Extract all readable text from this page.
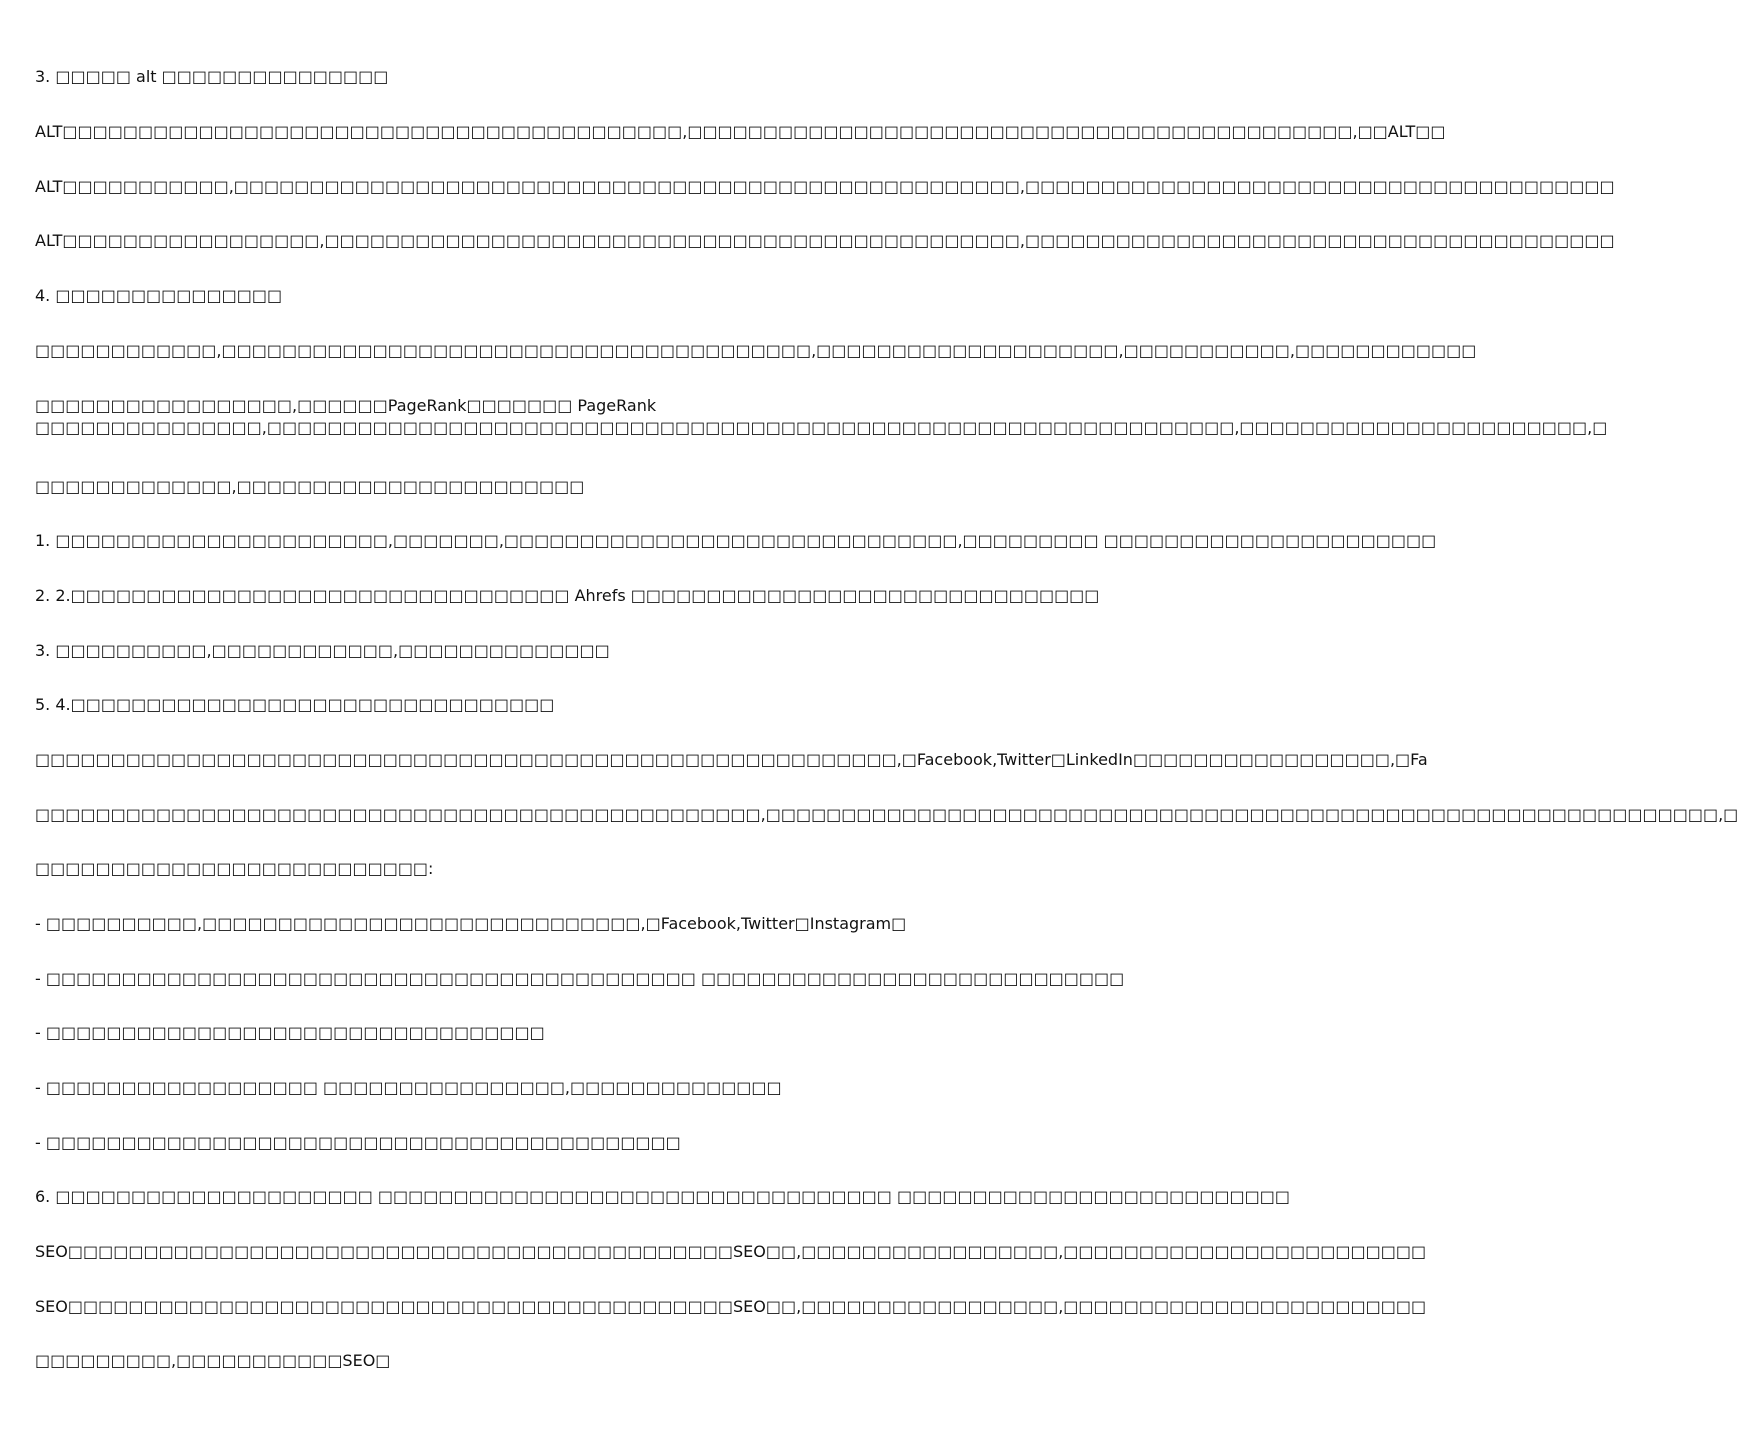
3. □□□□□ alt □□□□□□□□□□□□□□□
ALT□□□□□□□□□□□□□□□□□□□□□□□□□□□□□□□□□□□□□□□□□,□□□□□□□□□□□□□□□□□□□□□□□□□□□□□□□□□□□□□□□□□□□□,□□ALT□□
ALT□□□□□□□□□□□,□□□□□□□□□□□□□□□□□□□□□□□□□□□□□□□□□□□□□□□□□□□□□□□□□□□□,□□□□□□□□□□□□□□□□□□□□□□□□□□□□□□□□□□□□□□□
ALT□□□□□□□□□□□□□□□□□,□□□□□□□□□□□□□□□□□□□□□□□□□□□□□□□□□□□□□□□□□□□□□□,□□□□□□□□□□□□□□□□□□□□□□□□□□□□□□□□□□□□□□□
4. □□□□□□□□□□□□□□□
□□□□□□□□□□□□,□□□□□□□□□□□□□□□□□□□□□□□□□□□□□□□□□□□□□□□,□□□□□□□□□□□□□□□□□□□□,□□□□□□□□□□□,□□□□□□□□□□□□
□□□□□□□□□□□□□□□□□,□□□□□□PageRank□□□□□□□ PageRank □□□□□□□□□□□□□□□,□□□□□□□□□□□□□□□□□□□□□□□□□□□□□□□□□□□□□□□□□□□□□□□□□□□□□□□□□□□□□□□□,□□□□□□□□□□□□□□□□□□□□□□□,□
□□□□□□□□□□□□□,□□□□□□□□□□□□□□□□□□□□□□□
1. □□□□□□□□□□□□□□□□□□□□□□,□□□□□□□,□□□□□□□□□□□□□□□□□□□□□□□□□□□□□□,□□□□□□□□□ □□□□□□□□□□□□□□□□□□□□□□
2. 2.□□□□□□□□□□□□□□□□□□□□□□□□□□□□□□□□□ Ahrefs □□□□□□□□□□□□□□□□□□□□□□□□□□□□□□□
3. □□□□□□□□□□,□□□□□□□□□□□□,□□□□□□□□□□□□□□
5. 4.□□□□□□□□□□□□□□□□□□□□□□□□□□□□□□□□
□□□□□□□□□□□□□□□□□□□□□□□□□□□□□□□□□□□□□□□□□□□□□□□□□□□□□□□□□,□Facebook,Twitter□LinkedIn□□□□□□□□□□□□□□□□□,□Fa
□□□□□□□□□□□□□□□□□□□□□□□□□□□□□□□□□□□□□□□□□□□□□□□□,□□□□□□□□□□□□□□□□□□□□□□□□□□□□□□□□□□□□□□□□□□□□□□□□□□□□□□□□□□□□□□□,□
□□□□□□□□□□□□□□□□□□□□□□□□□□:
- □□□□□□□□□□,□□□□□□□□□□□□□□□□□□□□□□□□□□□□□,□Facebook,Twitter□Instagram□
- □□□□□□□□□□□□□□□□□□□□□□□□□□□□□□□□□□□□□□□□□□□ □□□□□□□□□□□□□□□□□□□□□□□□□□□□
- □□□□□□□□□□□□□□□□□□□□□□□□□□□□□□□□□
- □□□□□□□□□□□□□□□□□□ □□□□□□□□□□□□□□□□,□□□□□□□□□□□□□□
- □□□□□□□□□□□□□□□□□□□□□□□□□□□□□□□□□□□□□□□□□□
6. □□□□□□□□□□□□□□□□□□□□□ □□□□□□□□□□□□□□□□□□□□□□□□□□□□□□□□□□ □□□□□□□□□□□□□□□□□□□□□□□□□□
SEO□□□□□□□□□□□□□□□□□□□□□□□□□□□□□□□□□□□□□□□□□□□□SEO□□,□□□□□□□□□□□□□□□□□,□□□□□□□□□□□□□□□□□□□□□□□□
SEO□□□□□□□□□□□□□□□□□□□□□□□□□□□□□□□□□□□□□□□□□□□□SEO□□,□□□□□□□□□□□□□□□□□,□□□□□□□□□□□□□□□□□□□□□□□□
□□□□□□□□□,□□□□□□□□□□□SEO□
